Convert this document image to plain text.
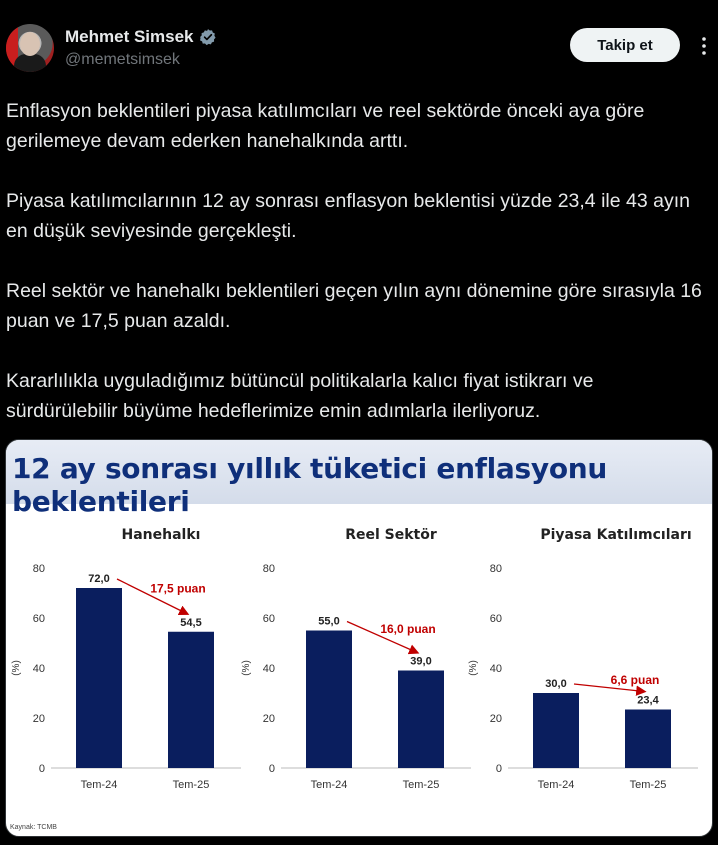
Mehmet Simsek
@memetsimsek
Takip et

Enflasyon beklentileri piyasa katılımcıları ve reel sektörde önceki aya göre gerilemeye devam ederken hanehalkında arttı.

Piyasa katılımcılarının 12 ay sonrası enflasyon beklentisi yüzde 23,4 ile 43 ayın en düşük seviyesinde gerçekleşti.

Reel sektör ve hanehalkı beklentileri geçen yılın aynı dönemine göre sırasıyla 16 puan ve 17,5 puan azaldı.

Kararlılıkla uyguladığımız bütüncül politikalarla kalıcı fiyat istikrarı ve sürdürülebilir büyüme hedeflerimize emin adımlarla ilerliyoruz.

12 ay sonrası yıllık tüketici enflasyonu beklentileri
Hanehalkı
0
20
40
60
80
(%)
72,0
Tem-24
54,5
Tem-25
17,5 puan
Reel Sektör
0
20
40
60
80
(%)
55,0
Tem-24
39,0
Tem-25
16,0 puan
Piyasa Katılımcıları
0
20
40
60
80
(%)
30,0
Tem-24
23,4
Tem-25
6,6 puan
Kaynak: TCMB
